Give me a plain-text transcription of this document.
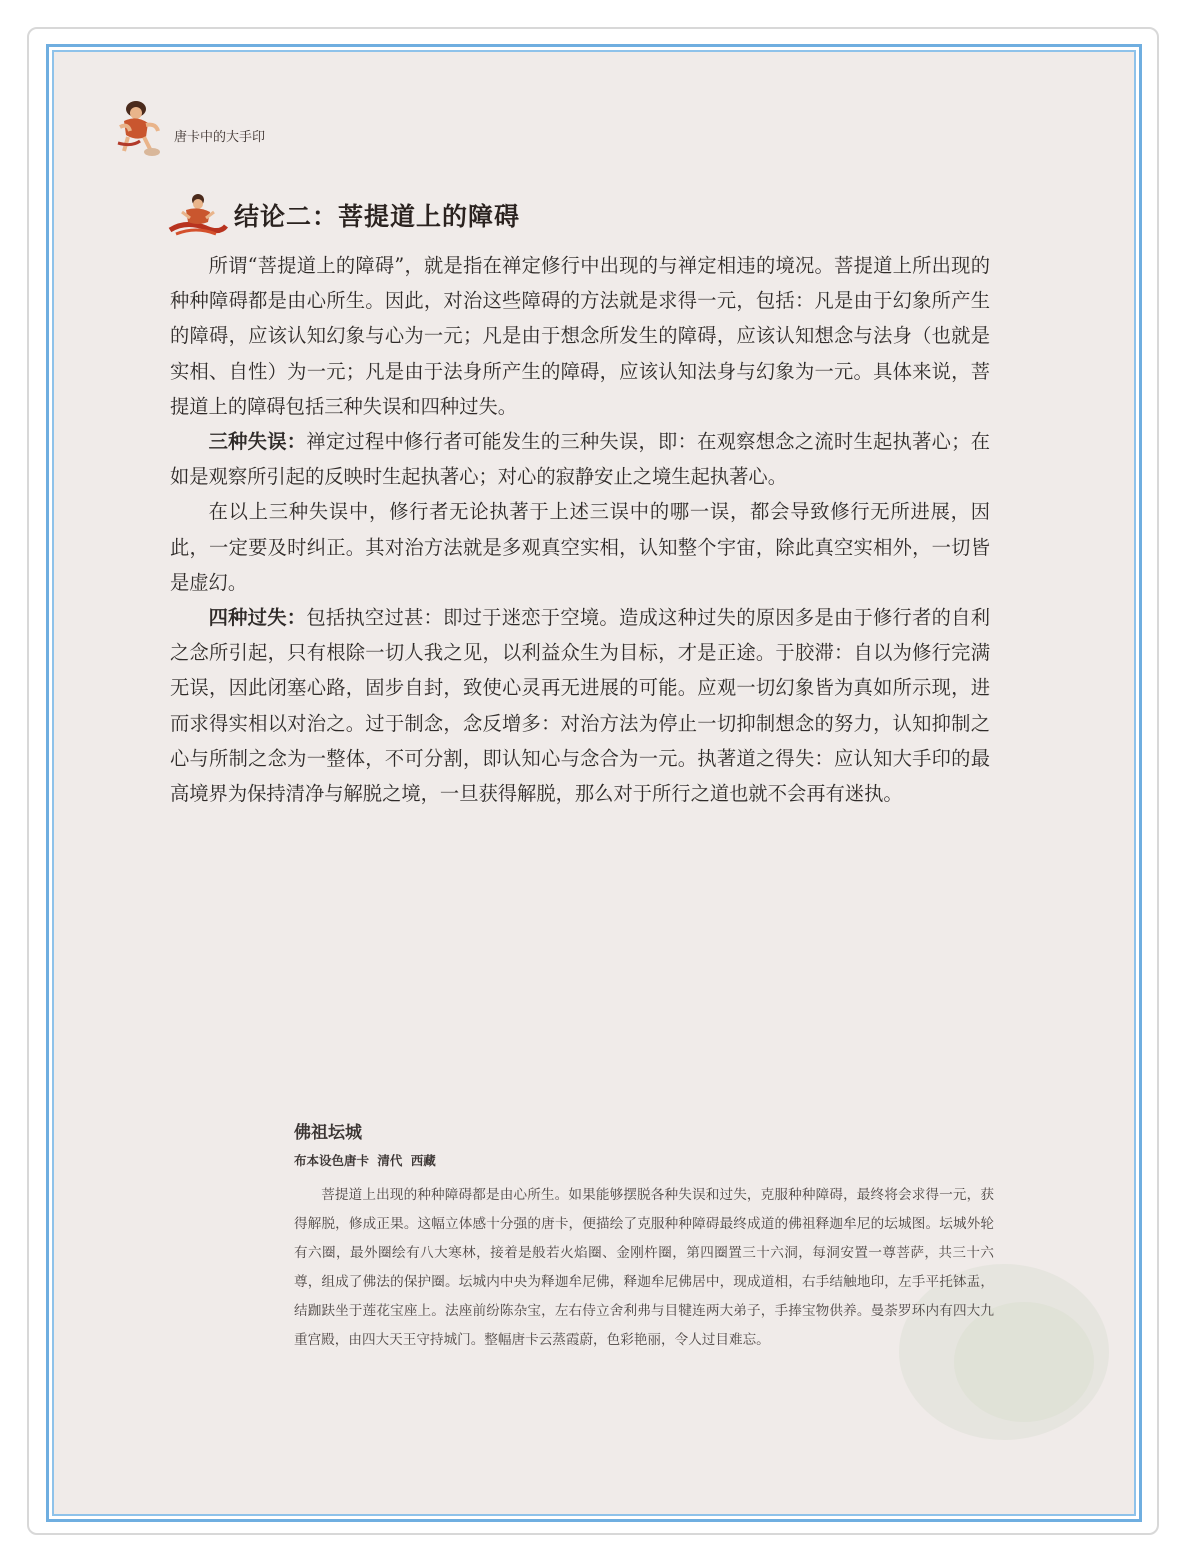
唐卡中的大手印
结论二：菩提道上的障碍

所谓“菩提道上的障碍”，就是指在禅定修行中出现的与禅定相违的境况。菩提道上所出现的种种障碍都是由心所生。因此，对治这些障碍的方法就是求得一元，包括：凡是由于幻象所产生的障碍，应该认知幻象与心为一元；凡是由于想念所发生的障碍，应该认知想念与法身（也就是实相、自性）为一元；凡是由于法身所产生的障碍，应该认知法身与幻象为一元。具体来说，菩提道上的障碍包括三种失误和四种过失。

三种失误：禅定过程中修行者可能发生的三种失误，即：在观察想念之流时生起执著心；在如是观察所引起的反映时生起执著心；对心的寂静安止之境生起执著心。

在以上三种失误中，修行者无论执著于上述三误中的哪一误，都会导致修行无所进展，因此，一定要及时纠正。其对治方法就是多观真空实相，认知整个宇宙，除此真空实相外，一切皆是虚幻。

四种过失：包括执空过甚：即过于迷恋于空境。造成这种过失的原因多是由于修行者的自利之念所引起，只有根除一切人我之见，以利益众生为目标，才是正途。于胶滞：自以为修行完满无误，因此闭塞心路，固步自封，致使心灵再无进展的可能。应观一切幻象皆为真如所示现，进而求得实相以对治之。过于制念，念反增多：对治方法为停止一切抑制想念的努力，认知抑制之心与所制之念为一整体，不可分割，即认知心与念合为一元。执著道之得失：应认知大手印的最高境界为保持清净与解脱之境，一旦获得解脱，那么对于所行之道也就不会再有迷执。

佛祖坛城
布本设色唐卡 清代 西藏
菩提道上出现的种种障碍都是由心所生。如果能够摆脱各种失误和过失，克服种种障碍，最终将会求得一元，获得解脱，修成正果。这幅立体感十分强的唐卡，便描绘了克服种种障碍最终成道的佛祖释迦牟尼的坛城图。坛城外轮有六圈，最外圈绘有八大寒林，接着是般若火焰圈、金刚杵圈，第四圈置三十六洞，每洞安置一尊菩萨，共三十六尊，组成了佛法的保护圈。坛城内中央为释迦牟尼佛，释迦牟尼佛居中，现成道相，右手结触地印，左手平托钵盂，结跏趺坐于莲花宝座上。法座前纷陈杂宝，左右侍立舍利弗与目犍连两大弟子，手捧宝物供养。曼荼罗环内有四大九重宫殿，由四大天王守持城门。整幅唐卡云蒸霞蔚，色彩艳丽，令人过目难忘。
